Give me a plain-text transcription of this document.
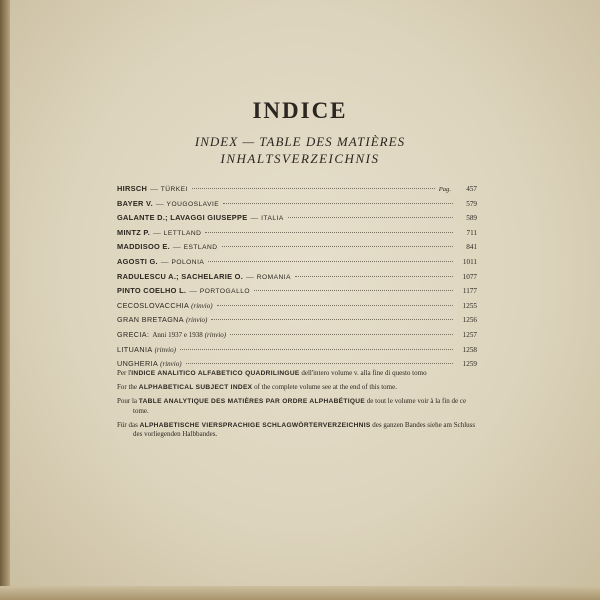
INDICE
INDEX — TABLE DES MATIÈRES
INHALTSVERZEICHNIS
HIRSCH — TÜRKEI	Pag.	457
BAYER V. — YOUGOSLAVIE	579
GALANTE D.; LAVAGGI GIUSEPPE — ITALIA	589
MINTZ P. — LETTLAND	711
MADDISOO E. — ESTLAND	841
AGOSTI G. — POLONIA	1011
RADULESCU A.; SACHELARIE O. — ROMANIA	1077
PINTO COELHO L. — PORTOGALLO	1177
CECOSLOVACCHIA (rinvio)	1255
GRAN BRETAGNA (rinvio)	1256
GRECIA: Anni 1937 e 1938 (rinvio)	1257
LITUANIA (rinvio)	1258
UNGHERIA (rinvio)	1259

Per l'INDICE ANALITICO ALFABETICO QUADRILINGUE dell'intero volume v. alla fine di questo tomo

For the ALPHABETICAL SUBJECT INDEX of the complete volume see at the end of this tome.

Pour la TABLE ANALYTIQUE DES MATIÈRES PAR ORDRE ALPHABÉTIQUE de tout le volume voir à la fin de ce tome.

Für das ALPHABETISCHE VIERSPRACHIGE SCHLAGWÖRTERVERZEICHNIS des ganzen Bandes siehe am Schluss des vorliegenden Halbbandes.
